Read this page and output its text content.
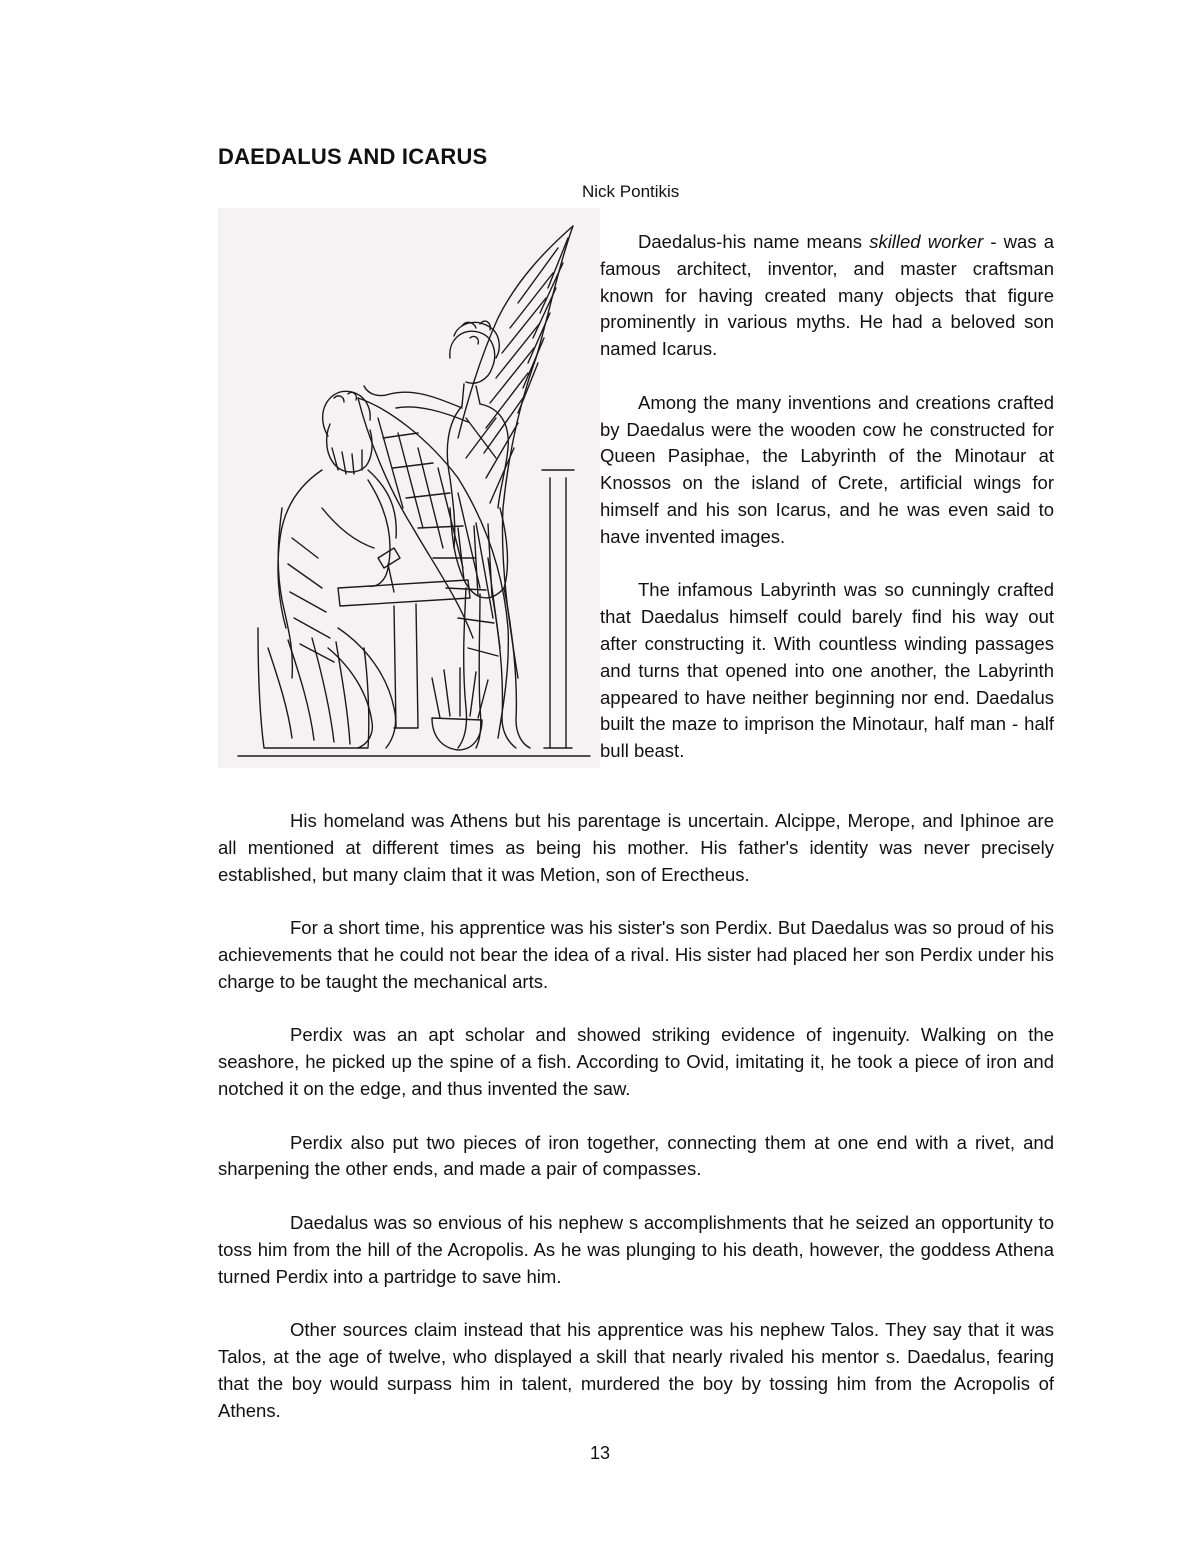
DAEDALUS AND ICARUS
Nick Pontikis

Daedalus-his name means skilled worker - was a famous architect, inventor, and master craftsman known for having created many objects that figure prominently in various myths. He had a beloved son named Icarus.

Among the many inventions and creations crafted by Daedalus were the wooden cow he constructed for Queen Pasiphae, the Labyrinth of the Minotaur at Knossos on the island of Crete, artificial wings for himself and his son Icarus, and he was even said to have invented images.

The infamous Labyrinth was so cunningly crafted that Daedalus himself could barely find his way out after constructing it. With countless winding passages and turns that opened into one another, the Labyrinth appeared to have neither beginning nor end. Daedalus built the maze to imprison the Minotaur, half man - half bull beast.

His homeland was Athens but his parentage is uncertain. Alcippe, Merope, and Iphinoe are all mentioned at different times as being his mother. His father's identity was never precisely established, but many claim that it was Metion, son of Erectheus.

For a short time, his apprentice was his sister's son Perdix. But Daedalus was so proud of his achievements that he could not bear the idea of a rival. His sister had placed her son Perdix under his charge to be taught the mechanical arts.

Perdix was an apt scholar and showed striking evidence of ingenuity. Walking on the seashore, he picked up the spine of a fish. According to Ovid, imitating it, he took a piece of iron and notched it on the edge, and thus invented the saw.

Perdix also put two pieces of iron together, connecting them at one end with a rivet, and sharpening the other ends, and made a pair of compasses.

Daedalus was so envious of his nephew s accomplishments that he seized an opportunity to toss him from the hill of the Acropolis. As he was plunging to his death, however, the goddess Athena turned Perdix into a partridge to save him.

Other sources claim instead that his apprentice was his nephew Talos. They say that it was Talos, at the age of twelve, who displayed a skill that nearly rivaled his mentor s. Daedalus, fearing that the boy would surpass him in talent, murdered the boy by tossing him from the Acropolis of Athens.

13
